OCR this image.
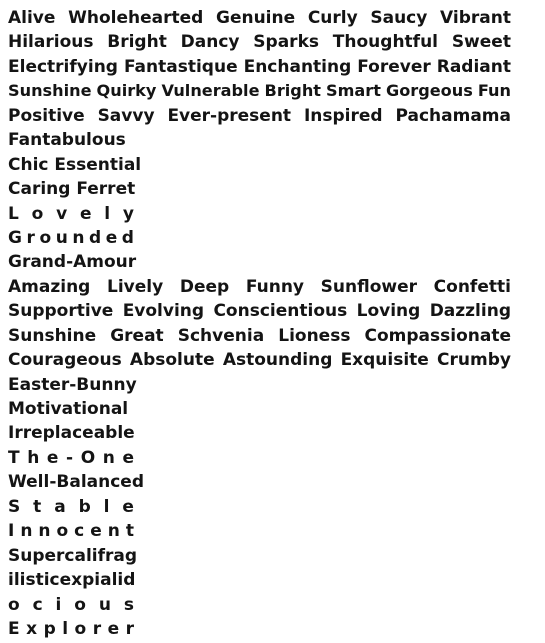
Alive Wholehearted Genuine Curly Saucy Vibrant
Hilarious Bright Dancy Sparks Thoughtful Sweet
Electrifying Fantastique Enchanting Forever Radiant
Sunshine Quirky Vulnerable Bright Smart Gorgeous Fun
Positive Savvy Ever-present Inspired Pachamama
Fantabulous
Chic Essential
Caring Ferret
L o v e l y
G r o u n d e d
Grand-Amour
Amazing Lively Deep Funny Sunflower Confetti
Supportive Evolving Conscientious Loving Dazzling
Sunshine Great Schvenia Lioness Compassionate
Courageous Absolute Astounding Exquisite Crumby
Easter-Bunny
Motivational
Irreplaceable
T h e - O n e
Well-Balanced
S t a b l e
I n n o c e n t
Supercalifrag
ilisticexpialid
o c i o u s
E x p l o r e r
